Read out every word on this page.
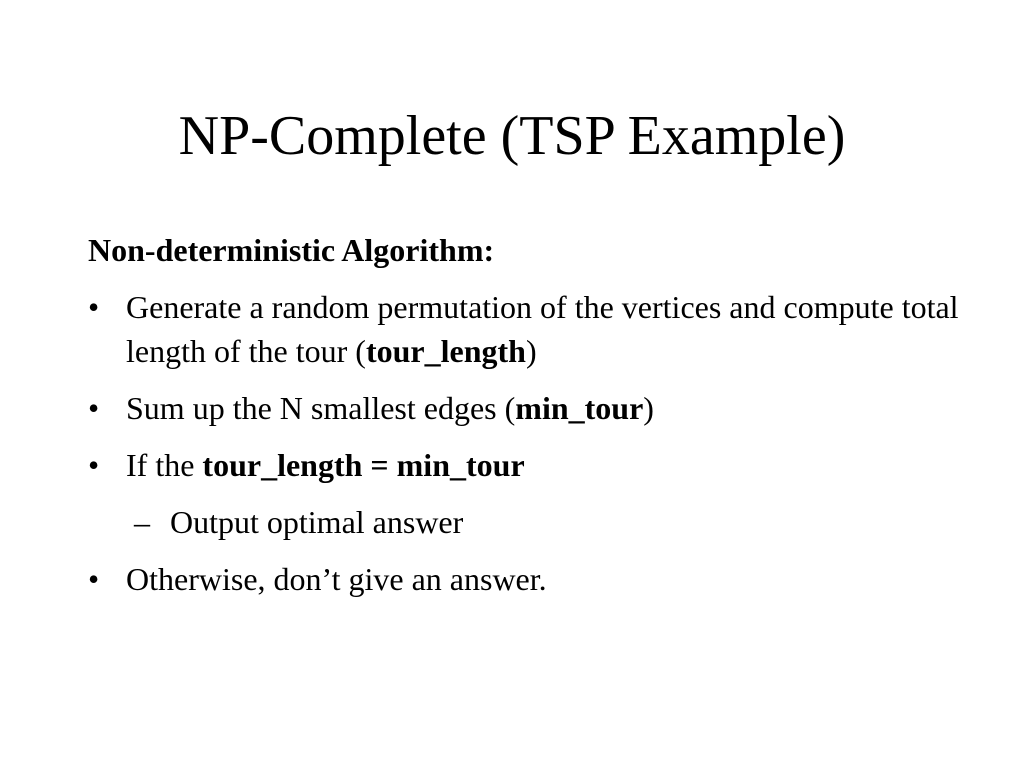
NP-Complete (TSP Example)
Non-deterministic Algorithm:
• Generate a random permutation of the vertices and compute total length of the tour (tour_length)
• Sum up the N smallest edges (min_tour)
• If the tour_length = min_tour
– Output optimal answer
• Otherwise, don’t give an answer.
